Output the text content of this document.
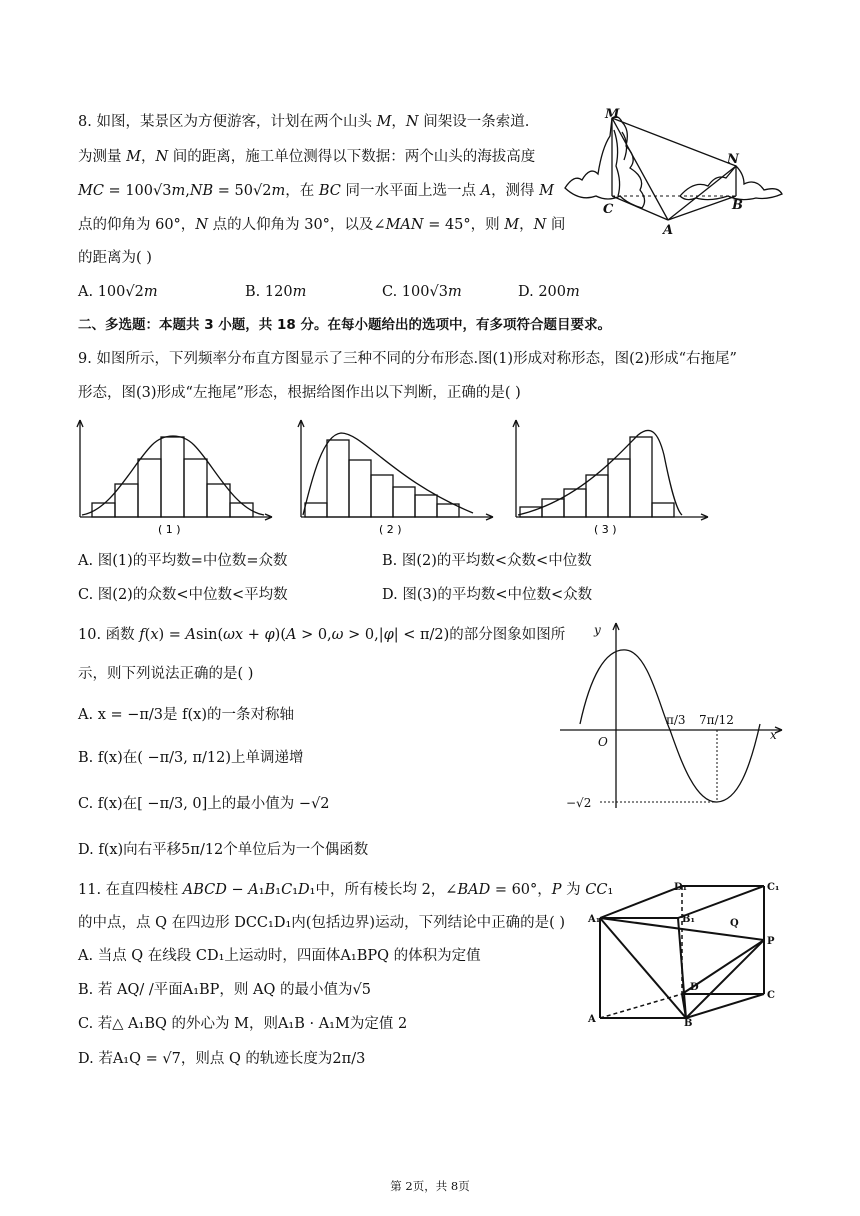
8. 如图，某景区为方便游客，计划在两个山头 M，N 间架设一条索道.
为测量 M，N 间的距离，施工单位测得以下数据：两个山头的海拔高度
MC = 100√3m,NB = 50√2m，在 BC 同一水平面上选一点 A，测得 M
点的仰角为 60°，N 点的人仰角为 30°，以及∠MAN = 45°，则 M，N 间
的距离为( )
A. 100√2m	B. 120m	C. 100√3m	D. 200m
M
N
C	B
A
二、多选题：本题共 3 小题，共 18 分。在每小题给出的选项中，有多项符合题目要求。
9. 如图所示，下列频率分布直方图显示了三种不同的分布形态.图(1)形成对称形态，图(2)形成“右拖尾”
形态，图(3)形成“左拖尾”形态，根据给图作出以下判断，正确的是( )
( 1 )	( 2 )	( 3 )
A. 图(1)的平均数=中位数=众数	B. 图(2)的平均数<众数<中位数
C. 图(2)的众数<中位数<平均数	D. 图(3)的平均数<中位数<众数
10. 函数 f(x) = Asin(ωx + φ)(A > 0,ω > 0,|φ| < π/2)的部分图象如图所
示，则下列说法正确的是( )
A. x = −π/3是 f(x)的一条对称轴
B. f(x)在( −π/3, π/12)上单调递增
C. f(x)在[ −π/3, 0]上的最小值为 −√2
D. f(x)向右平移5π/12个单位后为一个偶函数
y
x
O
π/3 7π/12
−√2
11. 在直四棱柱 ABCD − A₁B₁C₁D₁中，所有棱长均 2，∠BAD = 60°，P 为 CC₁
的中点，点 Q 在四边形 DCC₁D₁内(包括边界)运动，下列结论中正确的是( )
A. 当点 Q 在线段 CD₁上运动时，四面体A₁BPQ 的体积为定值
B. 若 AQ/ /平面A₁BP，则 AQ 的最小值为√5
C. 若△ A₁BQ 的外心为 M，则A₁B · A₁M为定值 2
D. 若A₁Q = √7，则点 Q 的轨迹长度为2π/3
D₁	C₁
A₁	B₁	Q
P
D
C
A	B
第 2页，共 8页
